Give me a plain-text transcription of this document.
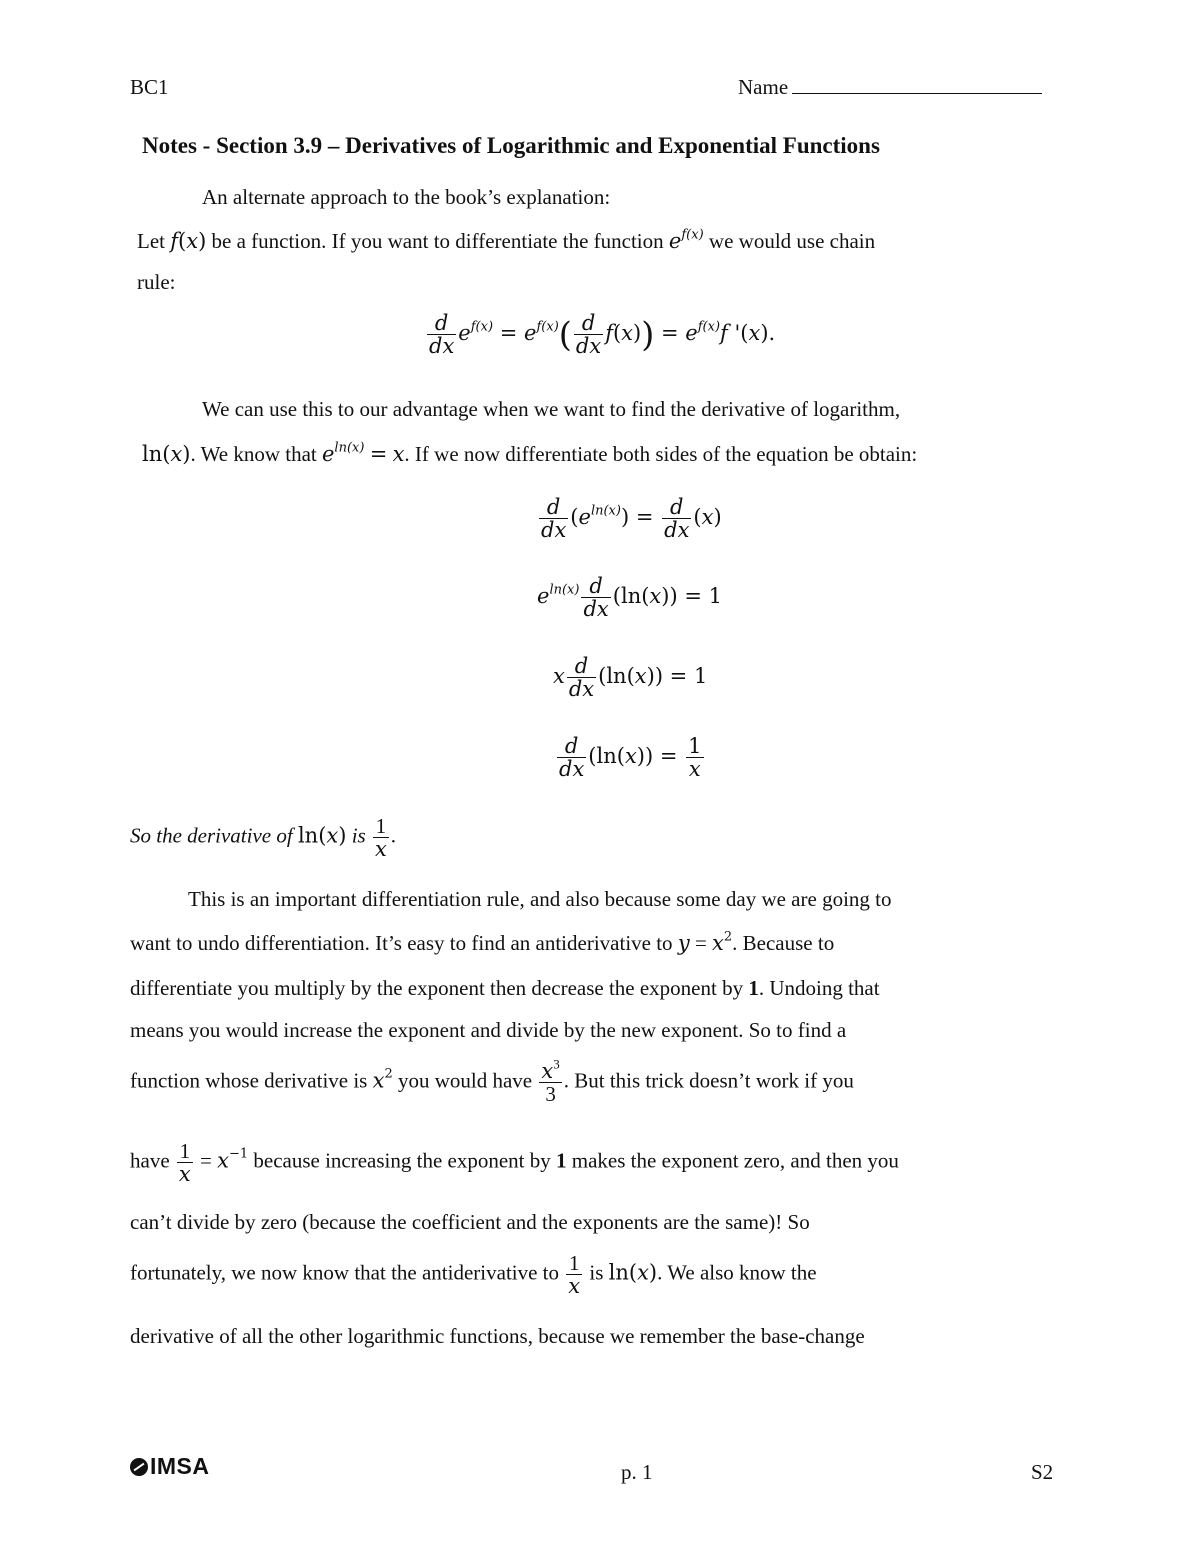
BC1	Name
Notes - Section 3.9 – Derivatives of Logarithmic and Exponential Functions
An alternate approach to the book’s explanation:
Let f(x) be a function. If you want to differentiate the function $e^{f(x)}$ we would use chain
rule:
$\frac{d}{dx} e^{f(x)} = e^{f(x)}( \frac{d}{dx} f(x)) = e^{f(x)}f$ '(x).
We can use this to our advantage when we want to find the derivative of logarithm,
ln(x). We know that $e^{ln(x)} = x$. If we now differentiate both sides of the equation be obtain:
$\frac{d}{dx} (e^{ln(x)}) = \frac{d}{dx} (x)$
$e^{ln(x)} \frac{d}{dx} (\ln(x)) = 1$
x $\frac{d}{dx} (\ln(x)) = 1$
$\frac{d}{dx} (\ln(x)) = \frac{1}{x}$
So the derivative of ln(x) is $\frac{1}{x}$ .
This is an important differentiation rule, and also because some day we are going to
want to undo differentiation. It’s easy to find an antiderivative to $y = x^2$. Because to
differentiate you multiply by the exponent then decrease the exponent by 1. Undoing that
means you would increase the exponent and divide by the new exponent. So to find a
function whose derivative is $x^2$ you would have $\frac{x^3}{3}$ . But this trick doesn’t work if you
have $\frac{1}{x} = x^{-1}$ because increasing the exponent by 1 makes the exponent zero, and then you
can’t divide by zero (because the coefficient and the exponents are the same)! So
fortunately, we now know that the antiderivative to $\frac{1}{x}$ is ln(x). We also know the
derivative of all the other logarithmic functions, because we remember the base-change
IMSA	p. 1	S2
